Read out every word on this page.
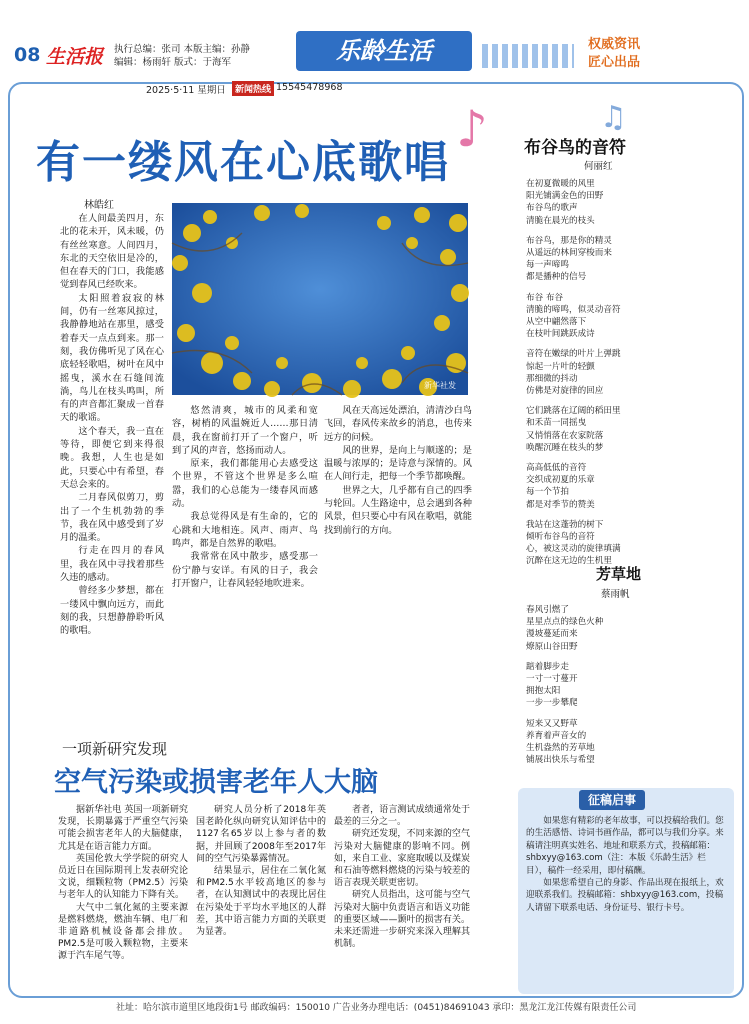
08 生活报 执行总编：张司 本版主编：孙静
编辑：杨雨轩 版式：于海军	乐龄生活	权威资讯
匠心出品
2025·5·11 星期日	新闻热线 15545478968
♪	♫
有一缕风在心底歌唱
林皓红
新华社发

在人间最美四月，东北的花未开，风未暖，仍有丝丝寒意。人间四月，东北的天空依旧是冷的，但在春天的门口，我能感觉到春风已经吹来。

太阳照着寂寂的林间，仍有一丝寒风掠过，我静静地站在那里，感受着春天一点点到来。那一刻，我仿佛听见了风在心底轻轻歌唱，树叶在风中摇曳，溪水在石缝间流淌，鸟儿在枝头鸣叫，所有的声音都汇聚成一首春天的歌谣。

这个春天，我一直在等待，即便它到来得很晚。我想，人生也是如此，只要心中有希望，春天总会来的。

二月春风似剪刀，剪出了一个生机勃勃的季节，我在风中感受到了岁月的温柔。

行走在四月的春风里，我在风中寻找着那些久违的感动。

曾经多少梦想，都在一缕风中飘向远方，而此刻的我，只想静静聆听风的歌唱。

悠然清爽，城市的风柔和宽容，树梢的风温婉近人……那日清晨，我在窗前打开了一个窗户，听到了风的声音，悠扬而动人。

原来，我们都能用心去感受这个世界，不管这个世界是多么喧嚣，我们的心总能为一缕春风而感动。

我总觉得风是有生命的，它的心跳和大地相连。风声、雨声、鸟鸣声，都是自然界的歌唱。

我常常在风中散步，感受那一份宁静与安详。有风的日子，我会打开窗户，让春风轻轻地吹进来。

风在天高远处漂泊，清清沙白鸟飞回，春风传来故乡的消息，也传来远方的问候。

风的世界，是向上与顺遂的；是温暖与浓厚的；是诗意与深情的。风在人间行走，把每一个季节都唤醒。

世界之大，几乎都有自己的四季与轮回。人生路途中，总会遇到各种风景，但只要心中有风在歌唱，就能找到前行的方向。

布谷鸟的音符
何丽红

在初夏微暖的风里

阳光铺满金色的田野

布谷鸟的歌声

清脆在晨光的枝头

布谷鸟，那是你的精灵

从遥远的林间穿梭而来

每一声啼鸣

都是播种的信号

布谷 布谷

清脆的啼鸣，似灵动音符

从空中翩然落下

在枝叶间跳跃成诗

音符在嫩绿的叶片上弹跳

惊起一片叶的轻颤

那细微的抖动

仿佛是对旋律的回应

它们跳落在辽阔的稻田里

和禾苗一同摇曳

又悄悄落在农家院落

唤醒沉睡在枝头的梦

高高低低的音符

交织成初夏的乐章

每一个节拍

都是对季节的赞美

我站在这蓬勃的树下

倾听布谷鸟的音符

心，被这灵动的旋律填满

沉醉在这无边的生机里

芳草地
蔡雨帆

春风引燃了

星星点点的绿色火种

漫坡蔓延而来

燎原山谷田野

踮着脚步走

一寸一寸蔓开

拥抱太阳

一步一步攀爬

短来又又野草

养育着声音女的

生机盎然的芳草地

铺展出快乐与希望

征稿启事

如果您有精彩的老年故事，可以投稿给我们。您的生活感悟、诗词书画作品，都可以与我们分享。来稿请注明真实姓名、地址和联系方式，投稿邮箱：shbxyy@163.com（注：本版《乐龄生活》栏目），稿件一经采用，即付稿酬。

如果您希望自己的身影、作品出现在报纸上，欢迎联系我们。投稿邮箱：shbxyy@163.com，投稿人请留下联系电话、身份证号、银行卡号。

一项新研究发现
空气污染或损害老年人大脑

据新华社电 英国一项新研究发现，长期暴露于严重空气污染可能会损害老年人的大脑健康，尤其是在语言能力方面。

英国伦敦大学学院的研究人员近日在国际期刊上发表研究论文说，细颗粒物（PM2.5）污染与老年人的认知能力下降有关。

大气中二氧化氮的主要来源是燃料燃烧，燃油车辆、电厂和非道路机械设备都会排放。PM2.5是可吸入颗粒物，主要来源于汽车尾气等。

研究人员分析了2018年英国老龄化纵向研究认知评估中的1127名65岁以上参与者的数据，并回顾了2008年至2017年间的空气污染暴露情况。

结果显示，居住在二氧化氮和PM2.5水平较高地区的参与者，在认知测试中的表现比居住在污染处于平均水平地区的人群差，其中语言能力方面的关联更为显著。

者者，语言测试成绩通常处于最差的三分之一。

研究还发现，不同来源的空气污染对大脑健康的影响不同。例如，来自工业、家庭取暖以及煤炭和石油等燃料燃烧的污染与较差的语言表现关联更密切。

研究人员指出，这可能与空气污染对大脑中负责语言和语义功能的重要区域——颞叶的损害有关。未来还需进一步研究来深入理解其机制。

社址：哈尔滨市道里区地段街1号 邮政编码：150010 广告业务办理电话：(0451)84691043 承印：黑龙江龙江传媒有限责任公司
